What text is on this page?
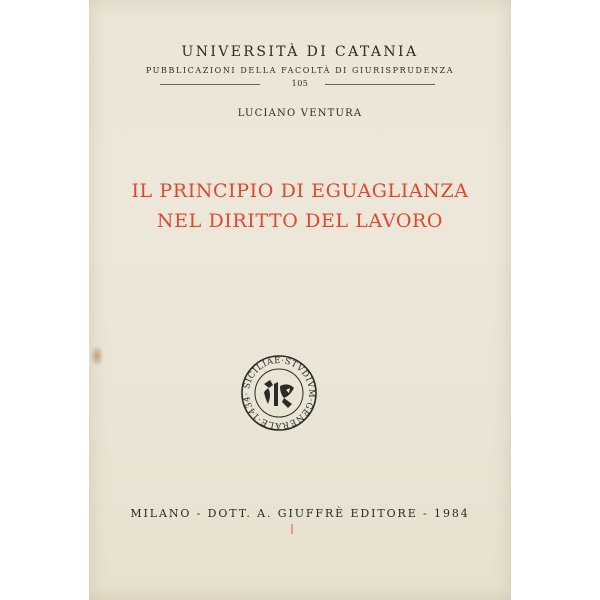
UNIVERSITÀ DI CATANIA
PUBBLICAZIONI DELLA FACOLTÀ DI GIURISPRUDENZA
105
LUCIANO VENTURA
IL PRINCIPIO DI EGUAGLIANZA
NEL DIRITTO DEL LAVORO
SICILIAE·STVDIVM·GENERALE·1434·
MILANO - DOTT. A. GIUFFRÈ EDITORE - 1984
